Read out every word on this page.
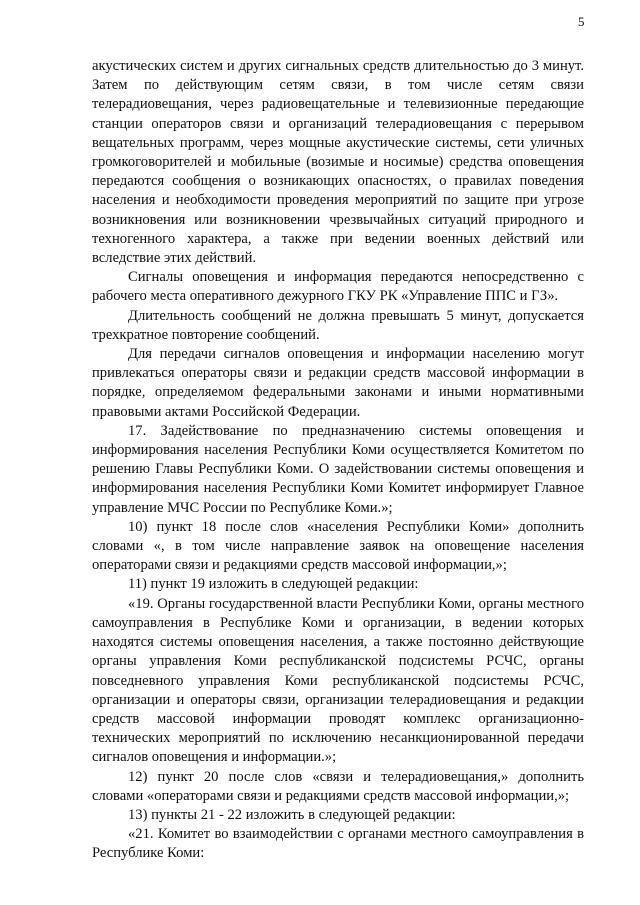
5

акустических систем и других сигнальных средств длительностью до 3 минут. Затем по действующим сетям связи, в том числе сетям связи телерадиовещания, через радиовещательные и телевизионные передающие станции операторов связи и организаций телерадиовещания с перерывом вещательных программ, через мощные акустические системы, сети уличных громкоговорителей и мобильные (возимые и носимые) средства оповещения передаются сообщения о возникающих опасностях, о правилах поведения населения и необходимости проведения мероприятий по защите при угрозе возникновения или возникновении чрезвычайных ситуаций природного и техногенного характера, а также при ведении военных действий или вследствие этих действий.

Сигналы оповещения и информация передаются непосредственно с рабочего места оперативного дежурного ГКУ РК «Управление ППС и ГЗ».

Длительность сообщений не должна превышать 5 минут, допускается трехкратное повторение сообщений.

Для передачи сигналов оповещения и информации населению могут привлекаться операторы связи и редакции средств массовой информации в порядке, определяемом федеральными законами и иными нормативными правовыми актами Российской Федерации.

17. Задействование по предназначению системы оповещения и информирования населения Республики Коми осуществляется Комитетом по решению Главы Республики Коми. О задействовании системы оповещения и информирования населения Республики Коми Комитет информирует Главное управление МЧС России по Республике Коми.»;

10) пункт 18 после слов «населения Республики Коми» дополнить словами «, в том числе направление заявок на оповещение населения операторами связи и редакциями средств массовой информации,»;

11) пункт 19 изложить в следующей редакции:

«19. Органы государственной власти Республики Коми, органы местного самоуправления в Республике Коми и организации, в ведении которых находятся системы оповещения населения, а также постоянно действующие органы управления Коми республиканской подсистемы РСЧС, органы повседневного управления Коми республиканской подсистемы РСЧС, организации и операторы связи, организации телерадиовещания и редакции средств массовой информации проводят комплекс организационно-технических мероприятий по исключению несанкционированной передачи сигналов оповещения и информации.»;

12) пункт 20 после слов «связи и телерадиовещания,» дополнить словами «операторами связи и редакциями средств массовой информации,»;

13) пункты 21 - 22 изложить в следующей редакции:

«21. Комитет во взаимодействии с органами местного самоуправления в Республике Коми:
